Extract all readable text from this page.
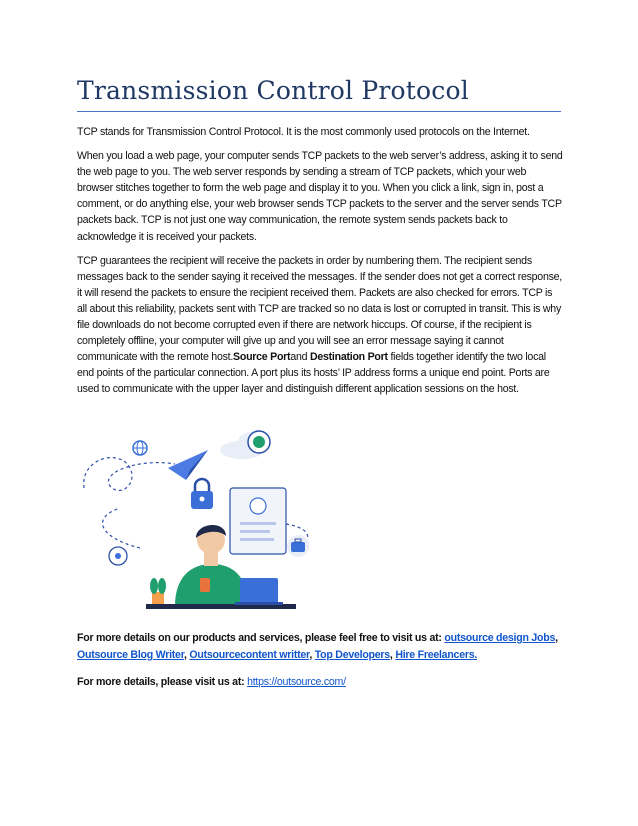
Transmission Control Protocol

TCP stands for Transmission Control Protocol. It is the most commonly used protocols on the Internet.

When you load a web page, your computer sends TCP packets to the web server’s address, asking it to send the web page to you. The web server responds by sending a stream of TCP packets, which your web browser stitches together to form the web page and display it to you. When you click a link, sign in, post a comment, or do anything else, your web browser sends TCP packets to the server and the server sends TCP packets back. TCP is not just one way communication, the remote system sends packets back to acknowledge it is received your packets.

TCP guarantees the recipient will receive the packets in order by numbering them. The recipient sends messages back to the sender saying it received the messages. If the sender does not get a correct response, it will resend the packets to ensure the recipient received them. Packets are also checked for errors. TCP is all about this reliability, packets sent with TCP are tracked so no data is lost or corrupted in transit. This is why file downloads do not become corrupted even if there are network hiccups. Of course, if the recipient is completely offline, your computer will give up and you will see an error message saying it cannot communicate with the remote host.Source Portand Destination Port fields together identify the two local end points of the particular connection. A port plus its hosts’ IP address forms a unique end point. Ports are used to communicate with the upper layer and distinguish different application sessions on the host.

For more details on our products and services, please feel free to visit us at: outsource design Jobs, Outsource Blog Writer, Outsourcecontent writter, Top Developers, Hire Freelancers.

For more details, please visit us at: https://outsource.com/
